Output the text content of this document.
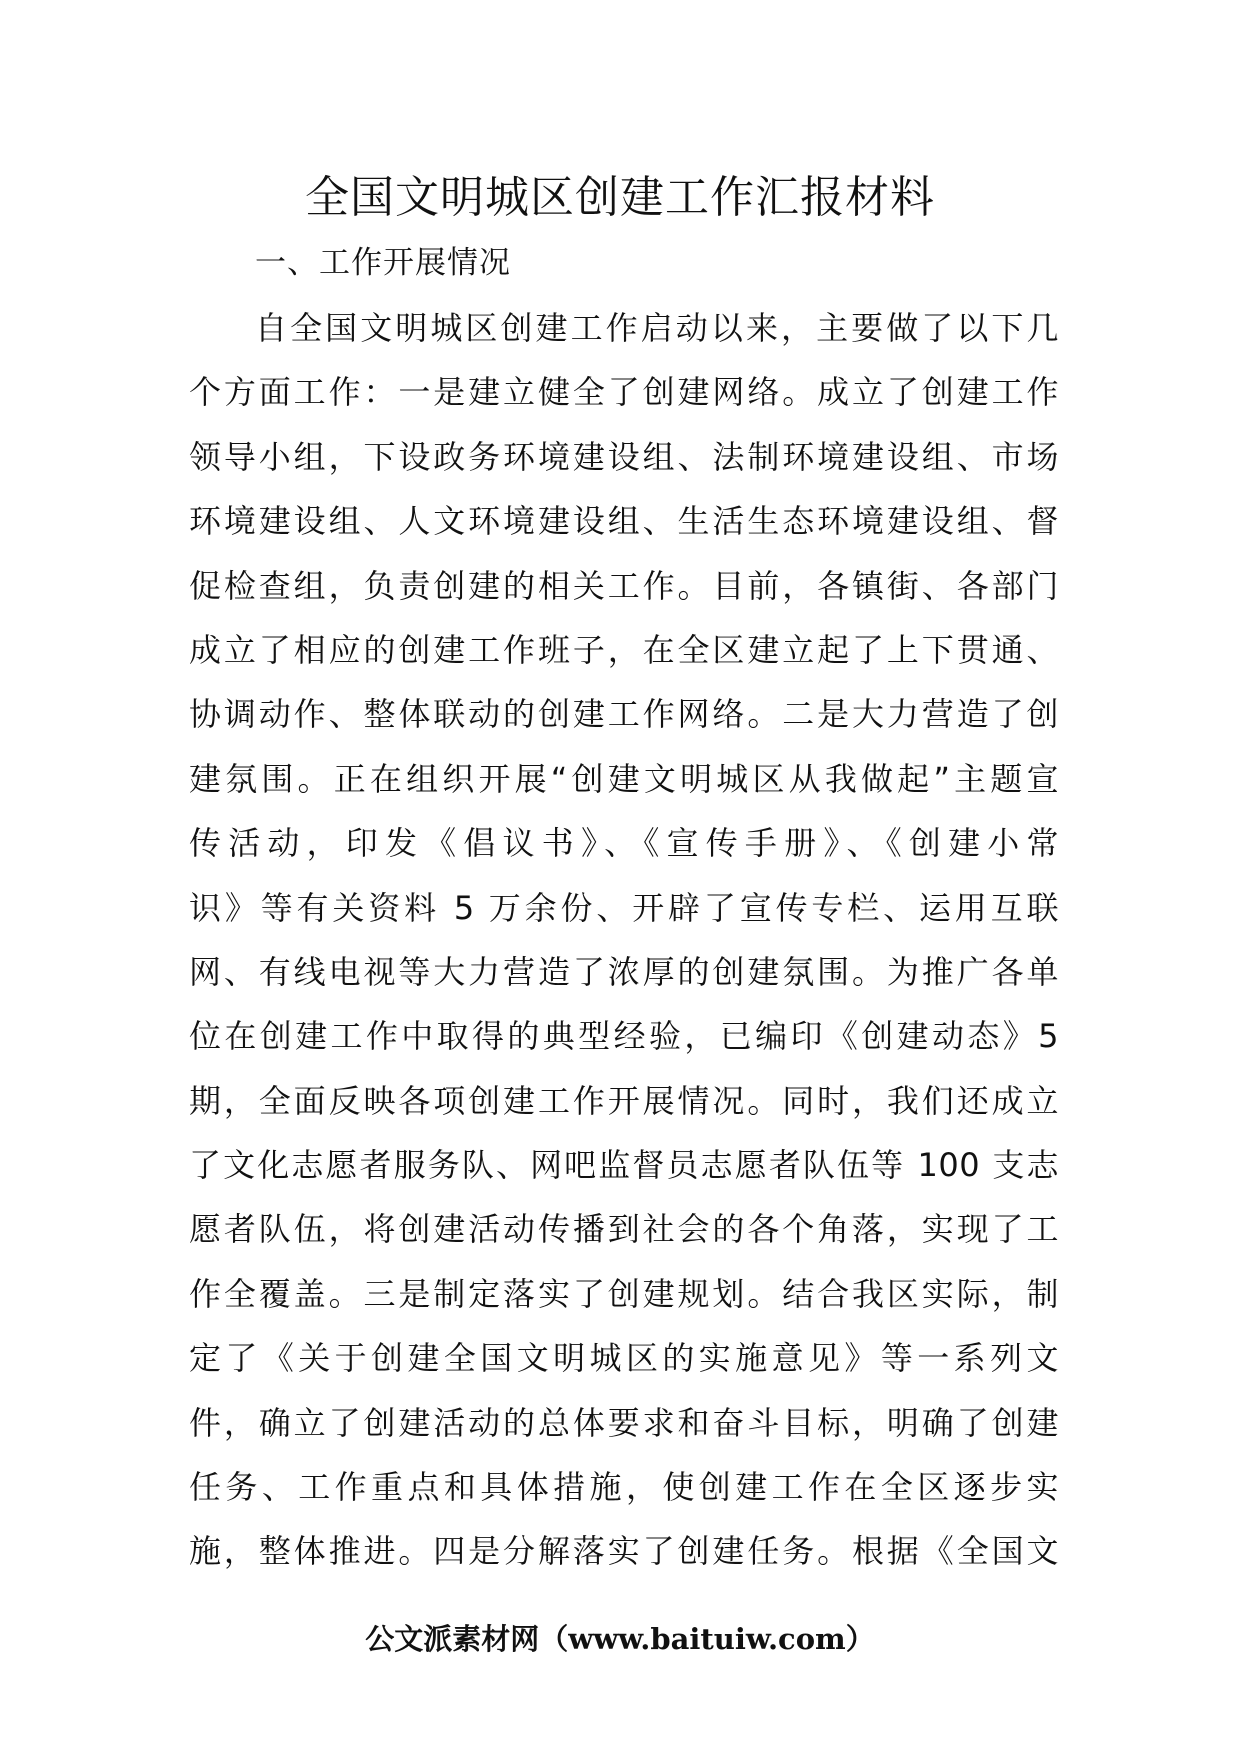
全国文明城区创建工作汇报材料
一、工作开展情况
自全国文明城区创建工作启动以来，主要做了以下几
个方面工作：一是建立健全了创建网络。成立了创建工作
领导小组，下设政务环境建设组、法制环境建设组、市场
环境建设组、人文环境建设组、生活生态环境建设组、督
促检查组，负责创建的相关工作。目前，各镇街、各部门
成立了相应的创建工作班子，在全区建立起了上下贯通、
协调动作、整体联动的创建工作网络。二是大力营造了创
建氛围。正在组织开展“创建文明城区从我做起”主题宣
传活动，印发《倡议书》、《宣传手册》、《创建小常
识》等有关资料 5 万余份、开辟了宣传专栏、运用互联
网、有线电视等大力营造了浓厚的创建氛围。为推广各单
位在创建工作中取得的典型经验，已编印《创建动态》5
期，全面反映各项创建工作开展情况。同时，我们还成立
了文化志愿者服务队、网吧监督员志愿者队伍等 100 支志
愿者队伍，将创建活动传播到社会的各个角落，实现了工
作全覆盖。三是制定落实了创建规划。结合我区实际，制
定了《关于创建全国文明城区的实施意见》等一系列文
件，确立了创建活动的总体要求和奋斗目标，明确了创建
任务、工作重点和具体措施，使创建工作在全区逐步实
施，整体推进。四是分解落实了创建任务。根据《全国文
公文派素材网（www.baituiw.com）
